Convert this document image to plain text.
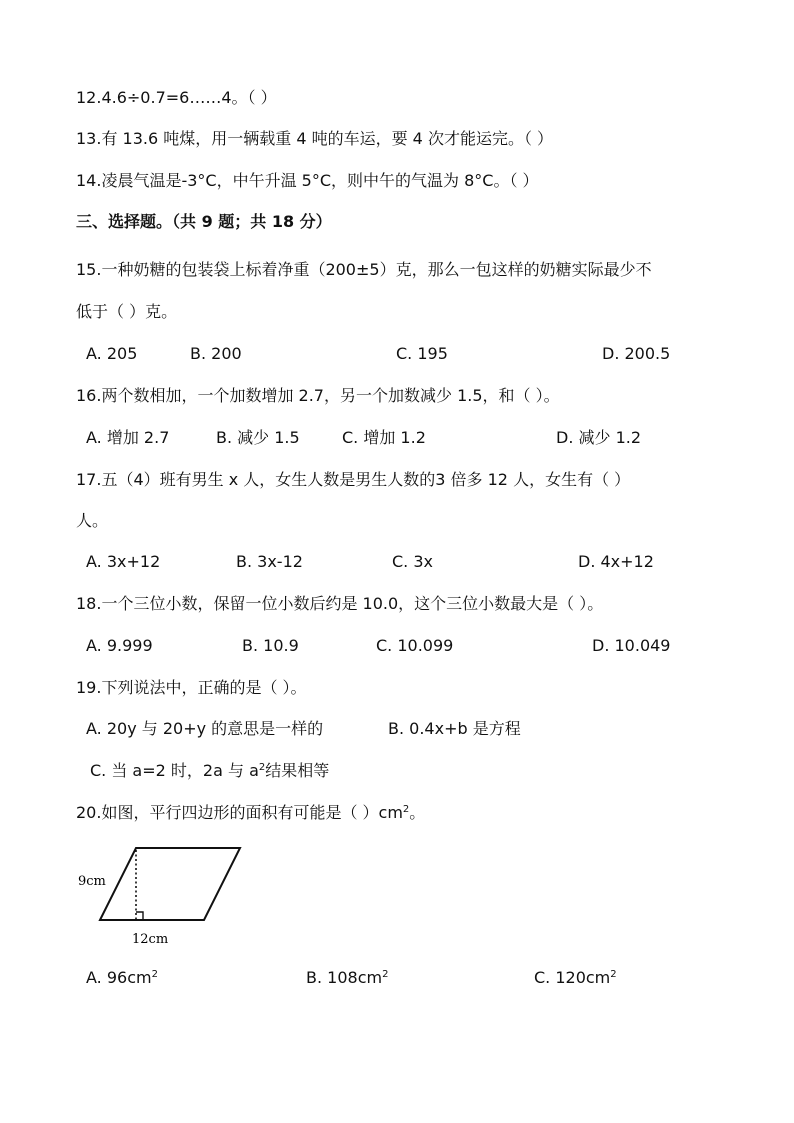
12.4.6÷0.7=6……4。（ ）
13.有 13.6 吨煤，用一辆载重 4 吨的车运，要 4 次才能运完。（ ）
14.凌晨气温是-3°C，中午升温 5°C，则中午的气温为 8°C。（ ）
三、选择题。（共 9 题；共 18 分）
15.一种奶糖的包装袋上标着净重（200±5）克，那么一包这样的奶糖实际最少不
低于（ ）克。
A. 205	B. 200	C. 195	D. 200.5
16.两个数相加，一个加数增加 2.7，另一个加数减少 1.5，和（ ）。
A. 增加 2.7	B. 减少 1.5	C. 增加 1.2	D. 减少 1.2
17.五（4）班有男生 x 人，女生人数是男生人数的3 倍多 12 人，女生有（ ）
人。
A. 3x+12	B. 3x-12	C. 3x	D. 4x+12
18.一个三位小数，保留一位小数后约是 10.0，这个三位小数最大是（ ）。
A. 9.999	B. 10.9	C. 10.099	D. 10.049
19.下列说法中，正确的是（ ）。
A. 20y 与 20+y 的意思是一样的	B. 0.4x+b 是方程
C. 当 a=2 时，2a 与 $a^2$结果相等
20.如图，平行四边形的面积有可能是（ ）$cm^2$。
9cm
12cm
A. $96cm^2$	B. $108cm^2$	C. $120cm^2$
